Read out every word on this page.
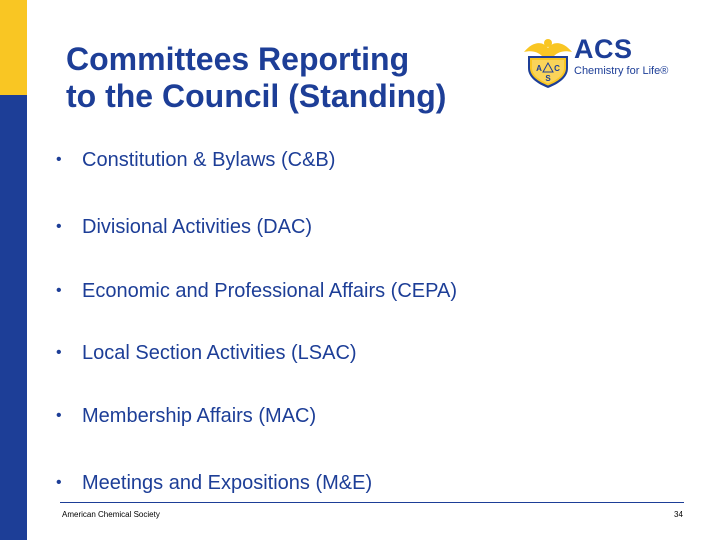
Committees Reporting
to the Council (Standing)
A C
S
ACS
Chemistry for Life®
• Constitution & Bylaws (C&B)
• Divisional Activities (DAC)
• Economic and Professional Affairs (CEPA)
• Local Section Activities (LSAC)
• Membership Affairs (MAC)
• Meetings and Expositions (M&E)
American Chemical Society	34
